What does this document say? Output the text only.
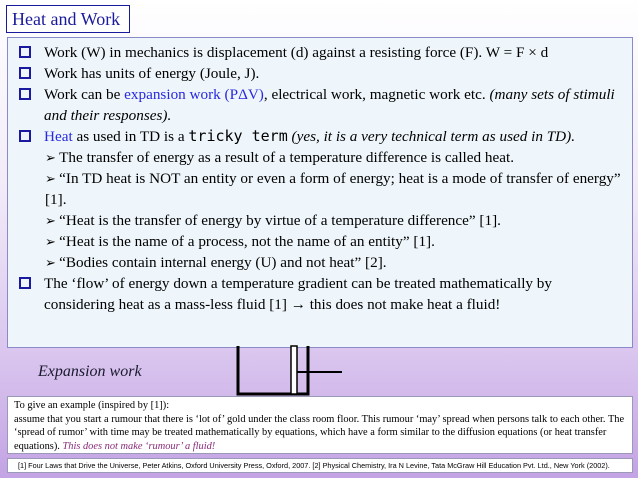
Heat and Work
Work (W) in mechanics is displacement (d) against a resisting force (F). W = F × d
Work has units of energy (Joule, J).
Work can be expansion work (PΔV), electrical work, magnetic work etc. (many sets of stimuli and their responses).
Heat as used in TD is a tricky term (yes, it is a very technical term as used in TD).
➢ The transfer of energy as a result of a temperature difference is called heat.
➢ “In TD heat is NOT an entity or even a form of energy; heat is a mode of transfer of energy” [1].
➢ “Heat is the transfer of energy by virtue of a temperature difference” [1].
➢ “Heat is the name of a process, not the name of an entity” [1].
➢ “Bodies contain internal energy (U) and not heat” [2].
The ‘flow’ of energy down a temperature gradient can be treated mathematically by considering heat as a mass-less fluid [1] → this does not make heat a fluid!
Expansion work
To give an example (inspired by [1]):
assume that you start a rumour that there is ‘lot of’ gold under the class room floor. This rumour ‘may’ spread when persons talk to each other. The ‘spread of rumor’ with time may be treated mathematically by equations, which have a form similar to the diffusion equations (or heat transfer equations). This does not make ‘rumour’ a fluid!
[1] Four Laws that Drive the Universe, Peter Atkins, Oxford University Press, Oxford, 2007. [2] Physical Chemistry, Ira N Levine, Tata McGraw Hill Education Pvt. Ltd., New York (2002).
